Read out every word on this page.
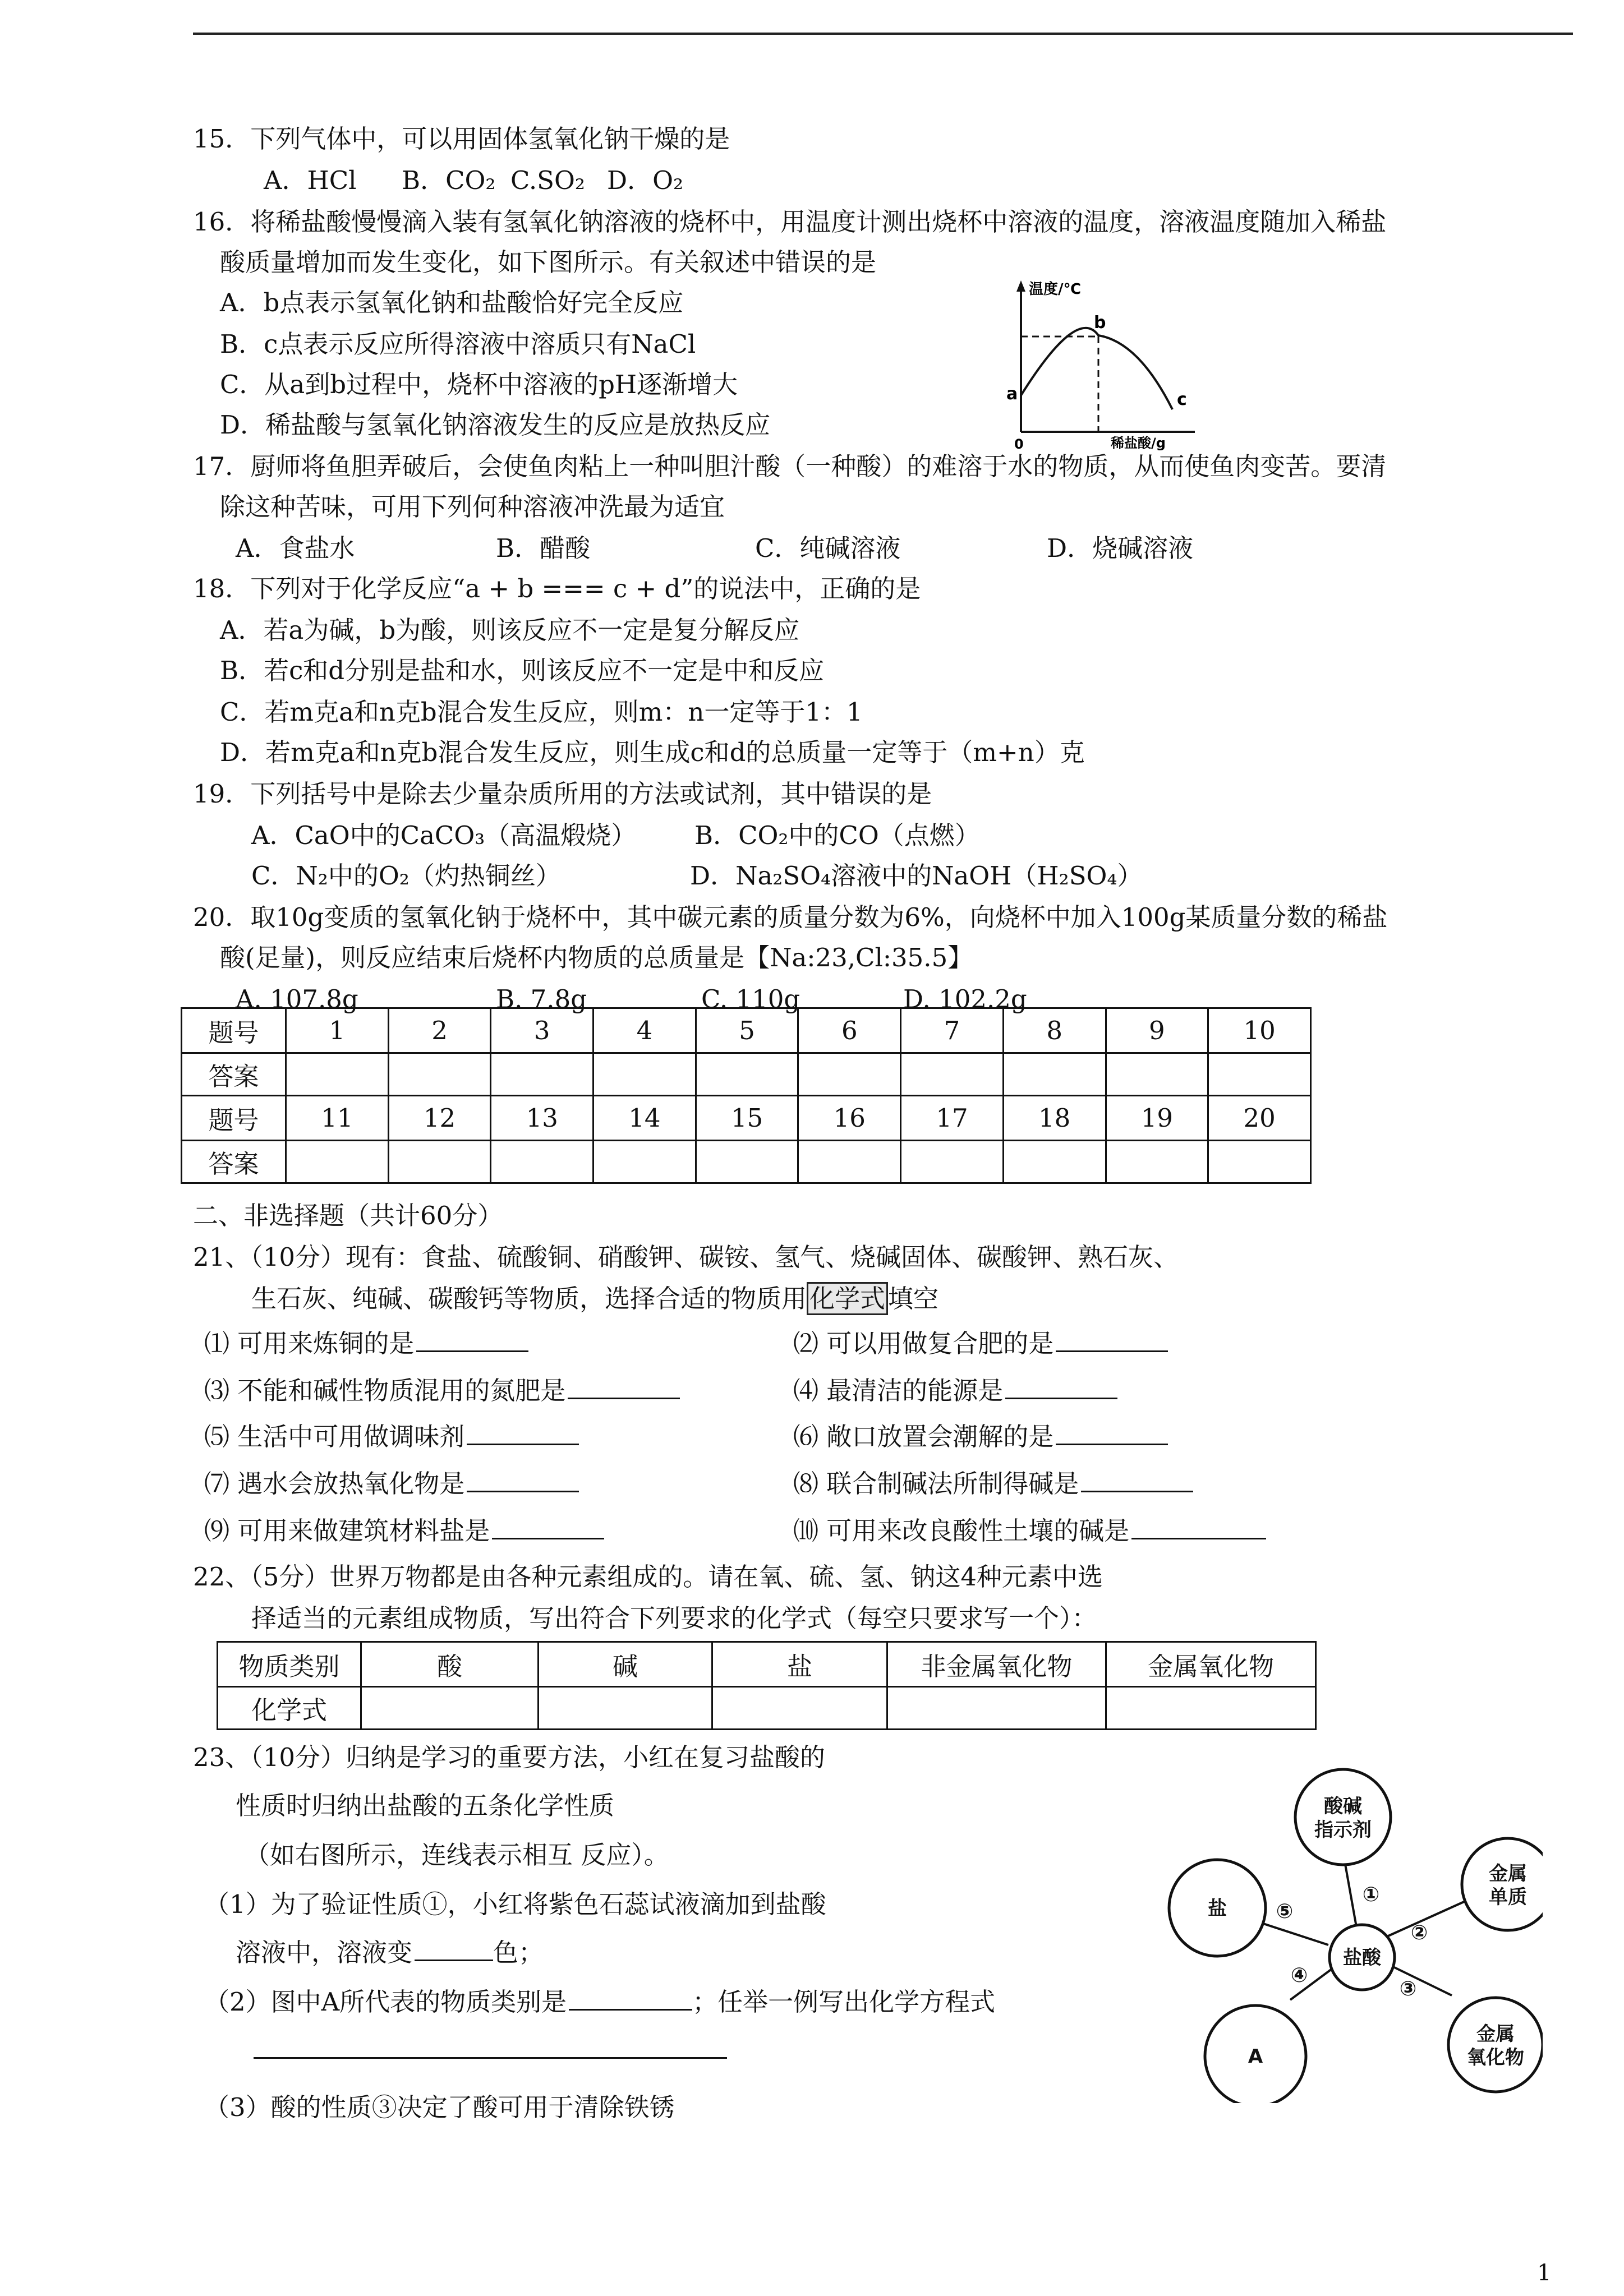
15．下列气体中，可以用固体氢氧化钠干燥的是
A．HCl B．CO₂ C.SO₂ D．O₂
16．将稀盐酸慢慢滴入装有氢氧化钠溶液的烧杯中，用温度计测出烧杯中溶液的温度，溶液温度随加入稀盐
酸质量增加而发生变化，如下图所示。有关叙述中错误的是
A．b点表示氢氧化钠和盐酸恰好完全反应
B．c点表示反应所得溶液中溶质只有NaCl
C．从a到b过程中，烧杯中溶液的pH逐渐增大
D．稀盐酸与氢氧化钠溶液发生的反应是放热反应
温度/℃
稀盐酸/g
0
a
b
c
17．厨师将鱼胆弄破后，会使鱼肉粘上一种叫胆汁酸（一种酸）的难溶于水的物质，从而使鱼肉变苦。要清
除这种苦味，可用下列何种溶液冲洗最为适宜
A．食盐水	B．醋酸	C．纯碱溶液	D．烧碱溶液
18．下列对于化学反应“a + b === c + d”的说法中，正确的是
A．若a为碱，b为酸，则该反应不一定是复分解反应
B．若c和d分别是盐和水，则该反应不一定是中和反应
C．若m克a和n克b混合发生反应，则m：n一定等于1：1
D．若m克a和n克b混合发生反应，则生成c和d的总质量一定等于（m+n）克
19．下列括号中是除去少量杂质所用的方法或试剂，其中错误的是
A．CaO中的CaCO₃（高温煅烧） B．CO₂中的CO（点燃）
C．N₂中的O₂（灼热铜丝）	D．Na₂SO₄溶液中的NaOH（H₂SO₄）
20．取10g变质的氢氧化钠于烧杯中，其中碳元素的质量分数为6%，向烧杯中加入100g某质量分数的稀盐
酸(足量)，则反应结束后烧杯内物质的总质量是【Na:23,Cl:35.5】
A. 107.8g	B. 7.8g	C. 110g	D. 102.2g
题号	1	2	3	4	5	6	7	8	9	10
答案										
题号	11	12	13	14	15	16	17	18	19	20
答案										
二、非选择题（共计60分）
21、（10分）现有：食盐、硫酸铜、硝酸钾、碳铵、氢气、烧碱固体、碳酸钾、熟石灰、
生石灰、纯碱、碳酸钙等物质，选择合适的物质用 化学式 填空
⑴ 可用来炼铜的是	⑵ 可以用做复合肥的是
⑶ 不能和碱性物质混用的氮肥是	⑷ 最清洁的能源是
⑸ 生活中可用做调味剂	⑹ 敞口放置会潮解的是
⑺ 遇水会放热氧化物是	⑻ 联合制碱法所制得碱是
⑼ 可用来做建筑材料盐是	⑽ 可用来改良酸性土壤的碱是
22、（5分）世界万物都是由各种元素组成的。请在氧、硫、氢、钠这4种元素中选
择适当的元素组成物质，写出符合下列要求的化学式（每空只要求写一个）：
物质类别	酸	碱	盐	非金属氧化物	金属氧化物
化学式					
23、（10分）归纳是学习的重要方法，小红在复习盐酸的
性质时归纳出盐酸的五条化学性质
（如右图所示，连线表示相互 反应）。
（1）为了验证性质①，小红将紫色石蕊试液滴加到盐酸
溶液中，溶液变	色；
（2）图中A所代表的物质类别是	；任举一例写出化学方程式
（3）酸的性质③决定了酸可用于清除铁锈
盐酸
酸碱
指示剂
金属
单质
金属
氧化物
A
盐
①
②
③
④
⑤
1
